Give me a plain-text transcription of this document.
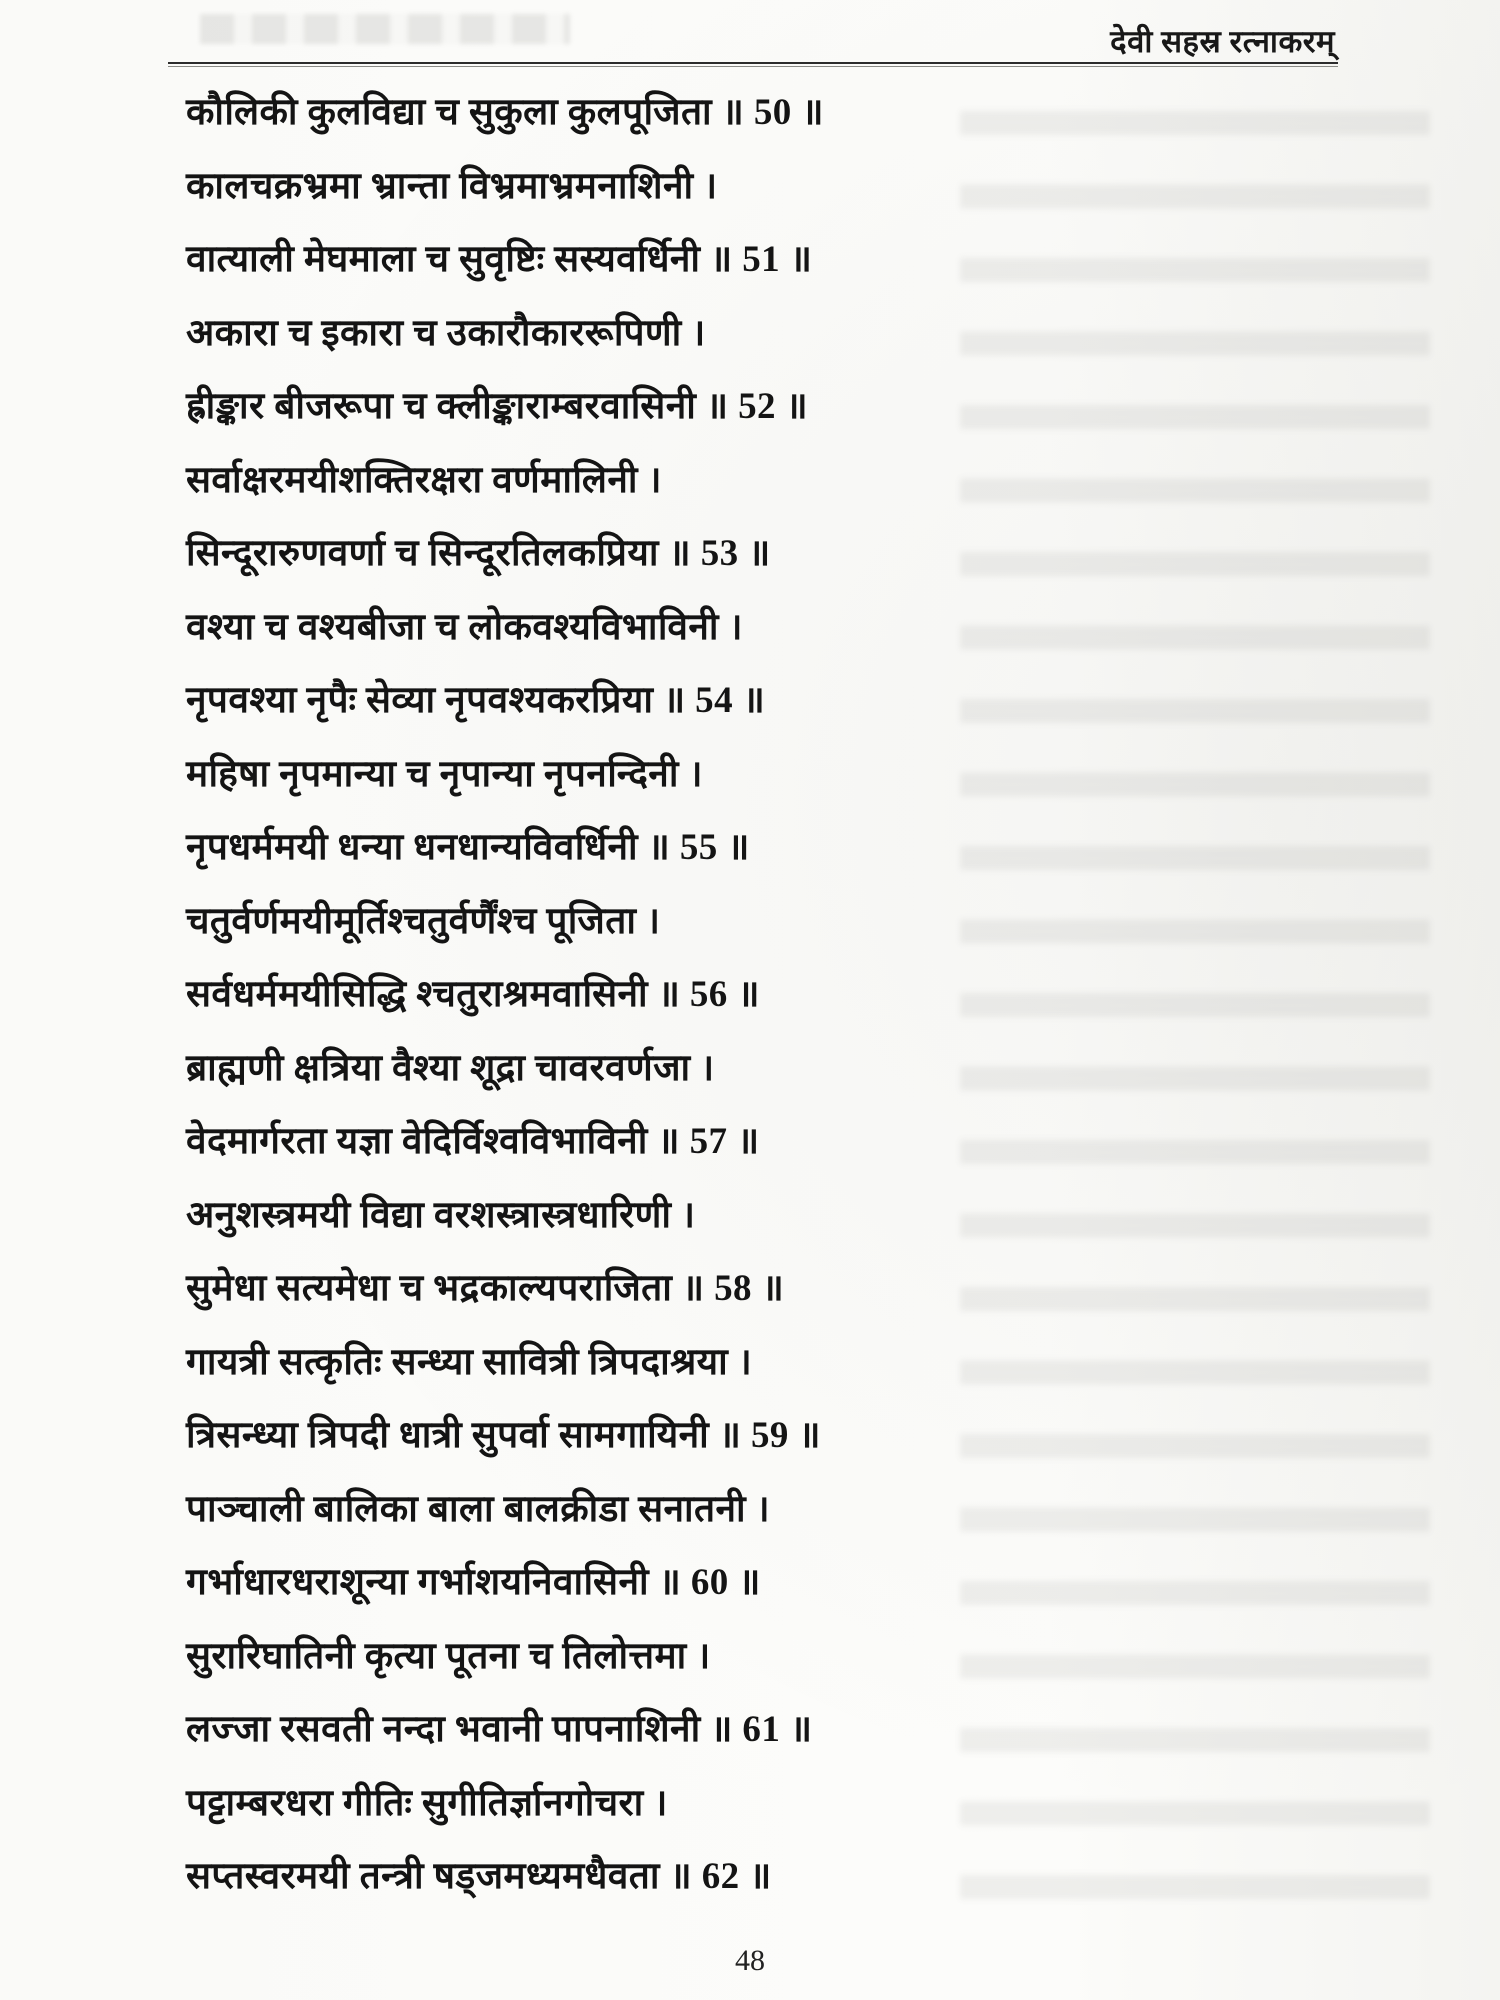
देवी सहस्र रत्नाकरम्

कौलिकी कुलविद्या च सुकुला कुलपूजिता ॥ 50 ॥

कालचक्रभ्रमा भ्रान्ता विभ्रमाभ्रमनाशिनी ।

वात्याली मेघमाला च सुवृष्टिः सस्यवर्धिनी ॥ 51 ॥

अकारा च इकारा च उकारौकाररूपिणी ।

ह्रीङ्कार बीजरूपा च क्लीङ्काराम्बरवासिनी ॥ 52 ॥

सर्वाक्षरमयीशक्तिरक्षरा वर्णमालिनी ।

सिन्दूरारुणवर्णा च सिन्दूरतिलकप्रिया ॥ 53 ॥

वश्या च वश्यबीजा च लोकवश्यविभाविनी ।

नृपवश्या नृपैः सेव्या नृपवश्यकरप्रिया ॥ 54 ॥

महिषा नृपमान्या च नृपान्या नृपनन्दिनी ।

नृपधर्ममयी धन्या धनधान्यविवर्धिनी ॥ 55 ॥

चतुर्वर्णमयीमूर्तिश्चतुर्वर्णैंश्च पूजिता ।

सर्वधर्ममयीसिद्धि श्चतुराश्रमवासिनी ॥ 56 ॥

ब्राह्मणी क्षत्रिया वैश्या शूद्रा चावरवर्णजा ।

वेदमार्गरता यज्ञा वेदिर्विश्वविभाविनी ॥ 57 ॥

अनुशस्त्रमयी विद्या वरशस्त्रास्त्रधारिणी ।

सुमेधा सत्यमेधा च भद्रकाल्यपराजिता ॥ 58 ॥

गायत्री सत्कृतिः सन्ध्या सावित्री त्रिपदाश्रया ।

त्रिसन्ध्या त्रिपदी धात्री सुपर्वा सामगायिनी ॥ 59 ॥

पाञ्चाली बालिका बाला बालक्रीडा सनातनी ।

गर्भाधारधराशून्या गर्भाशयनिवासिनी ॥ 60 ॥

सुरारिघातिनी कृत्या पूतना च तिलोत्तमा ।

लज्जा रसवती नन्दा भवानी पापनाशिनी ॥ 61 ॥

पट्टाम्बरधरा गीतिः सुगीतिर्ज्ञानगोचरा ।

सप्तस्वरमयी तन्त्री षड्जमध्यमधैवता ॥ 62 ॥

48
